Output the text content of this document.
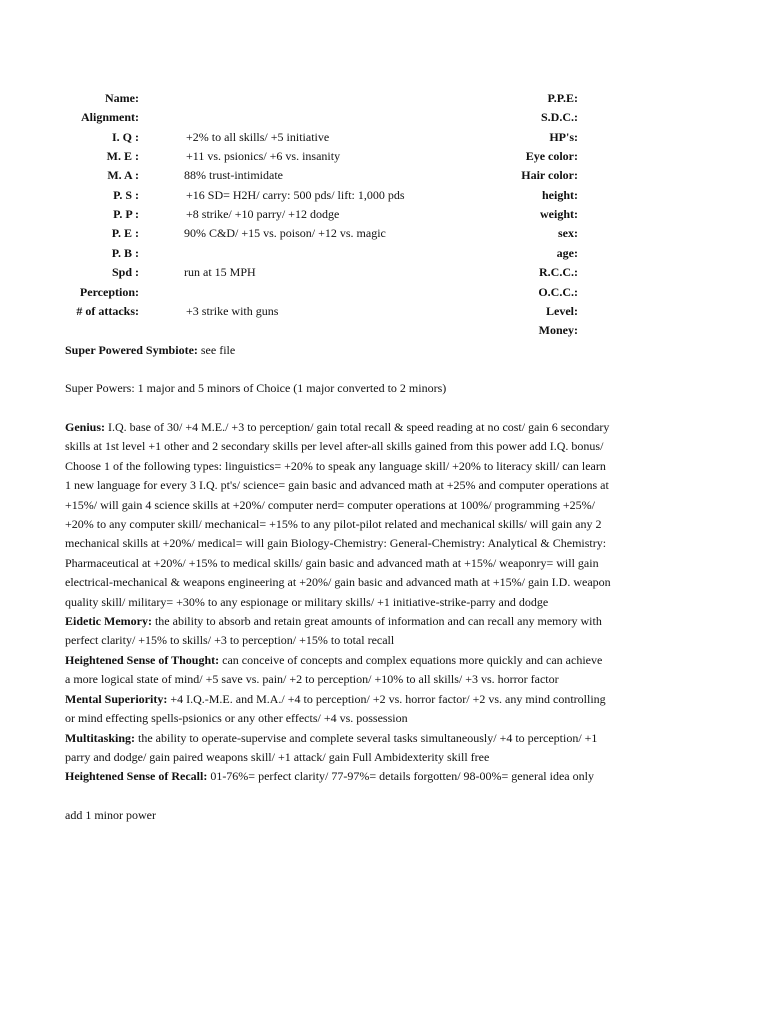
Name:
Alignment:
I. Q :	+2% to all skills/ +5 initiative
M. E :	+11 vs. psionics/ +6 vs. insanity
M. A :	88% trust-intimidate
P. S :	+16 SD= H2H/ carry: 500 pds/ lift: 1,000 pds
P. P :	+8 strike/ +10 parry/ +12 dodge
P. E :	90% C&D/ +15 vs. poison/ +12 vs. magic
P. B :
Spd :	run at 15 MPH
Perception:
# of attacks:	+3 strike with guns
P.P.E:
S.D.C.:
HP's:
Eye color:
Hair color:
height:
weight:
sex:
age:
R.C.C.:
O.C.C.:
Level:
Money:
Super Powered Symbiote: see file
Super Powers: 1 major and 5 minors of Choice (1 major converted to 2 minors)
Genius: I.Q. base of 30/ +4 M.E./ +3 to perception/ gain total recall & speed reading at no cost/ gain 6 secondary
skills at 1st level +1 other and 2 secondary skills per level after-all skills gained from this power add I.Q. bonus/
Choose 1 of the following types: linguistics= +20% to speak any language skill/ +20% to literacy skill/ can learn
1 new language for every 3 I.Q. pt's/ science= gain basic and advanced math at +25% and computer operations at
+15%/ will gain 4 science skills at +20%/ computer nerd= computer operations at 100%/ programming +25%/
+20% to any computer skill/ mechanical= +15% to any pilot-pilot related and mechanical skills/ will gain any 2
mechanical skills at +20%/ medical= will gain Biology-Chemistry: General-Chemistry: Analytical & Chemistry:
Pharmaceutical at +20%/ +15% to medical skills/ gain basic and advanced math at +15%/ weaponry= will gain
electrical-mechanical & weapons engineering at +20%/ gain basic and advanced math at +15%/ gain I.D. weapon
quality skill/ military= +30% to any espionage or military skills/ +1 initiative-strike-parry and dodge
Eidetic Memory: the ability to absorb and retain great amounts of information and can recall any memory with
perfect clarity/ +15% to skills/ +3 to perception/ +15% to total recall
Heightened Sense of Thought: can conceive of concepts and complex equations more quickly and can achieve
a more logical state of mind/ +5 save vs. pain/ +2 to perception/ +10% to all skills/ +3 vs. horror factor
Mental Superiority: +4 I.Q.-M.E. and M.A./ +4 to perception/ +2 vs. horror factor/ +2 vs. any mind controlling
or mind effecting spells-psionics or any other effects/ +4 vs. possession
Multitasking: the ability to operate-supervise and complete several tasks simultaneously/ +4 to perception/ +1
parry and dodge/ gain paired weapons skill/ +1 attack/ gain Full Ambidexterity skill free
Heightened Sense of Recall: 01-76%= perfect clarity/ 77-97%= details forgotten/ 98-00%= general idea only
add 1 minor power
